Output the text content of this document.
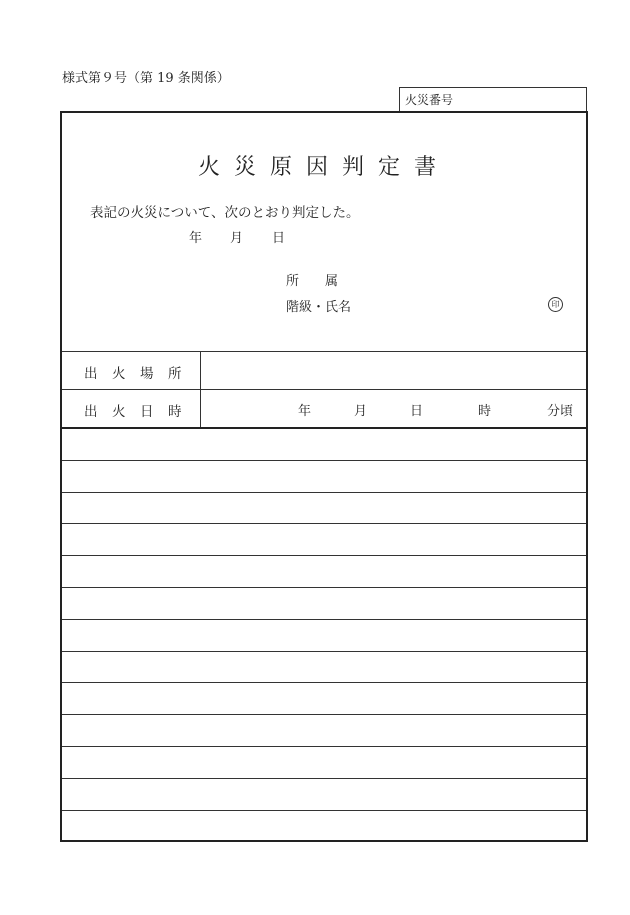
様式第９号（第 19 条関係）
火災番号
火災原因判定書
表記の火災について、次のとおり判定した。
年 月 日
所　　属
階級・氏名	印
出 火 場 所
出 火 日 時	年	月	日	時	分頃
